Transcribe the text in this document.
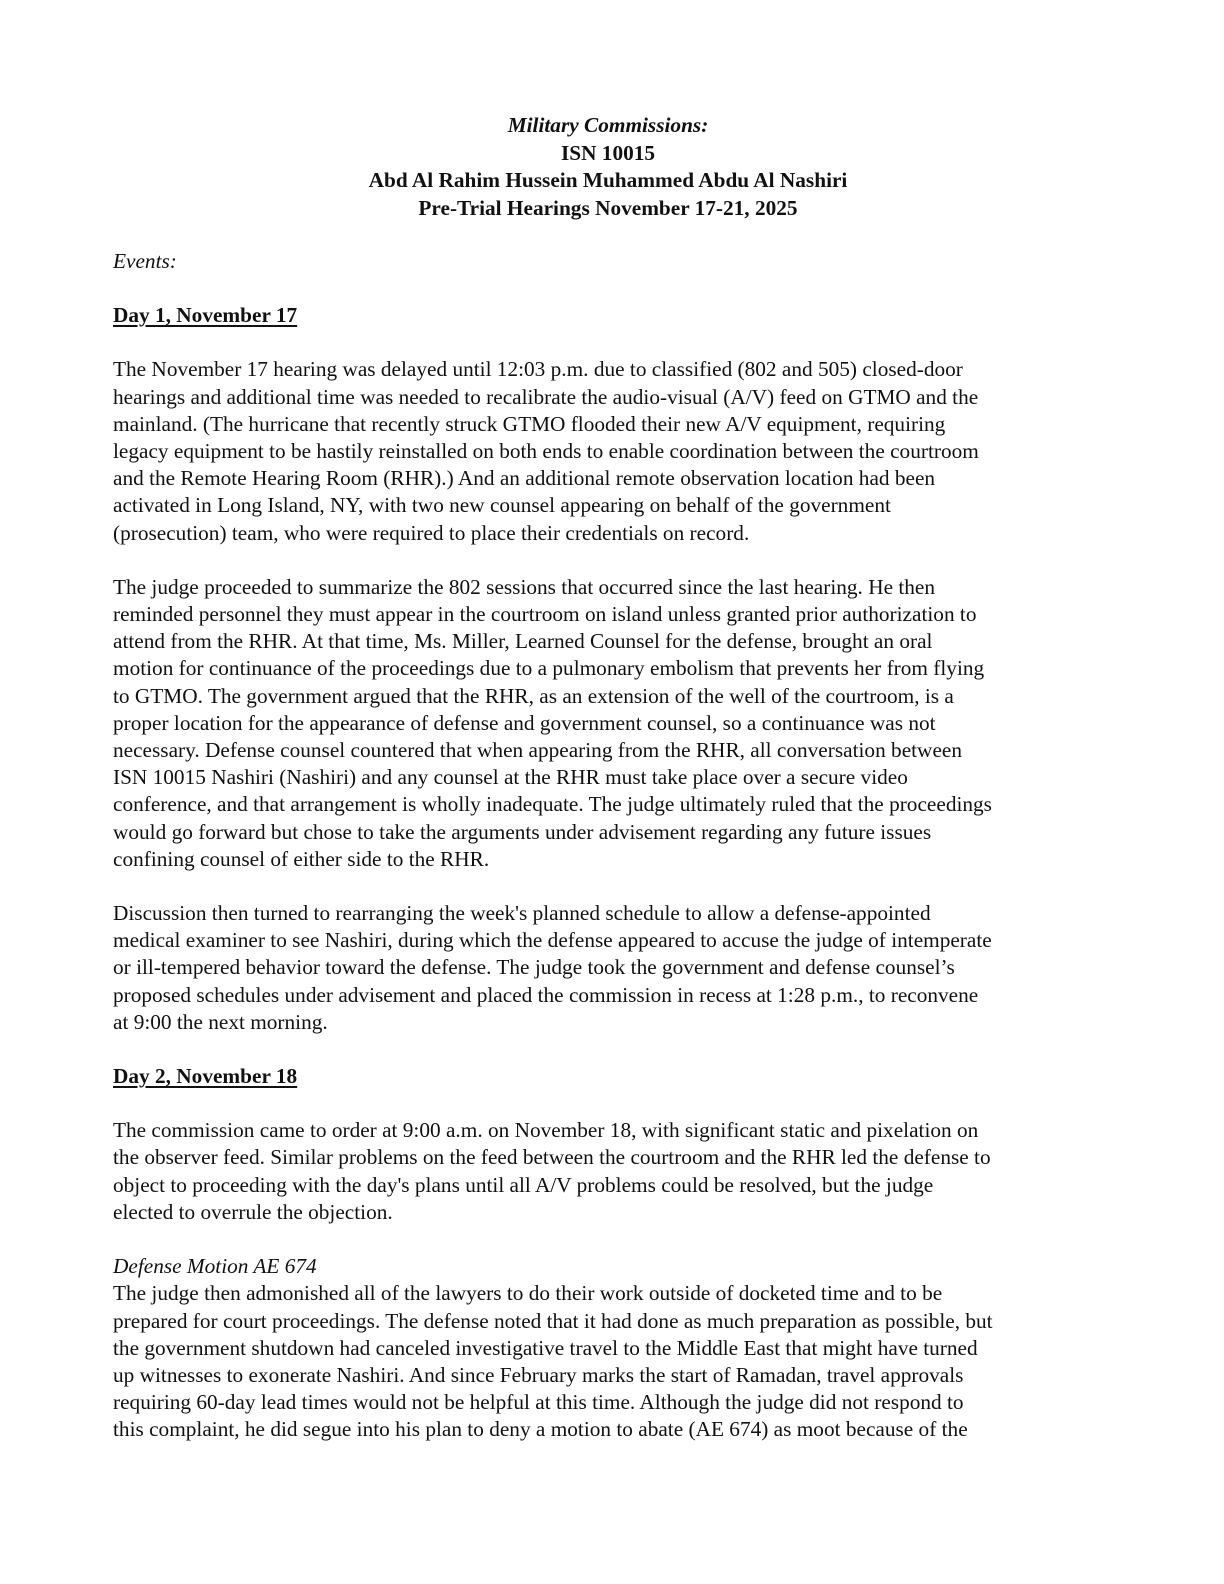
Military Commissions:
ISN 10015
Abd Al Rahim Hussein Muhammed Abdu Al Nashiri
Pre-Trial Hearings November 17-21, 2025
Events:
Day 1, November 17

The November 17 hearing was delayed until 12:03 p.m. due to classified (802 and 505) closed-door
hearings and additional time was needed to recalibrate the audio-visual (A/V) feed on GTMO and the
mainland. (The hurricane that recently struck GTMO flooded their new A/V equipment, requiring
legacy equipment to be hastily reinstalled on both ends to enable coordination between the courtroom
and the Remote Hearing Room (RHR).) And an additional remote observation location had been
activated in Long Island, NY, with two new counsel appearing on behalf of the government
(prosecution) team, who were required to place their credentials on record.

The judge proceeded to summarize the 802 sessions that occurred since the last hearing. He then
reminded personnel they must appear in the courtroom on island unless granted prior authorization to
attend from the RHR. At that time, Ms. Miller, Learned Counsel for the defense, brought an oral
motion for continuance of the proceedings due to a pulmonary embolism that prevents her from flying
to GTMO. The government argued that the RHR, as an extension of the well of the courtroom, is a
proper location for the appearance of defense and government counsel, so a continuance was not
necessary. Defense counsel countered that when appearing from the RHR, all conversation between
ISN 10015 Nashiri (Nashiri) and any counsel at the RHR must take place over a secure video
conference, and that arrangement is wholly inadequate. The judge ultimately ruled that the proceedings
would go forward but chose to take the arguments under advisement regarding any future issues
confining counsel of either side to the RHR.

Discussion then turned to rearranging the week's planned schedule to allow a defense-appointed
medical examiner to see Nashiri, during which the defense appeared to accuse the judge of intemperate
or ill-tempered behavior toward the defense. The judge took the government and defense counsel’s
proposed schedules under advisement and placed the commission in recess at 1:28 p.m., to reconvene
at 9:00 the next morning.

Day 2, November 18

The commission came to order at 9:00 a.m. on November 18, with significant static and pixelation on
the observer feed. Similar problems on the feed between the courtroom and the RHR led the defense to
object to proceeding with the day's plans until all A/V problems could be resolved, but the judge
elected to overrule the objection.

Defense Motion AE 674

The judge then admonished all of the lawyers to do their work outside of docketed time and to be
prepared for court proceedings. The defense noted that it had done as much preparation as possible, but
the government shutdown had canceled investigative travel to the Middle East that might have turned
up witnesses to exonerate Nashiri. And since February marks the start of Ramadan, travel approvals
requiring 60-day lead times would not be helpful at this time. Although the judge did not respond to
this complaint, he did segue into his plan to deny a motion to abate (AE 674) as moot because of the
